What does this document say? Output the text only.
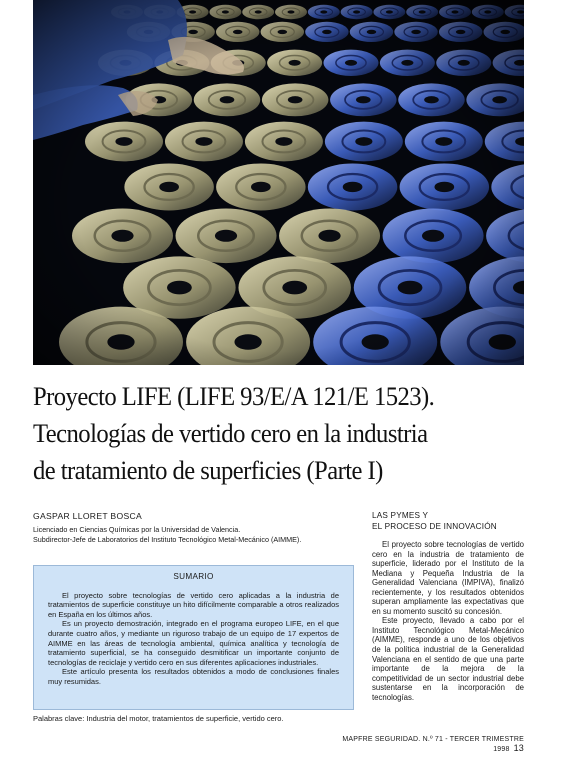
Proyecto LIFE (LIFE 93/E/A 121/E 1523).
Tecnologías de vertido cero en la industria
de tratamiento de superficies (Parte I)
GASPAR LLORET BOSCA
Licenciado en Ciencias Químicas por la Universidad de Valencia.
Subdirector-Jefe de Laboratorios del Instituto Tecnológico Metal-Mecánico (AIMME).
SUMARIO

El proyecto sobre tecnologías de vertido cero aplicadas a la industria de tratamientos de superficie constituye un hito difícilmente comparable a otros realizados en España en los últimos años.

Es un proyecto demostración, integrado en el programa europeo LIFE, en el que durante cuatro años, y mediante un riguroso trabajo de un equipo de 17 expertos de AIMME en las áreas de tecnología ambiental, química analítica y tecnología de tratamiento superficial, se ha conseguido desmitificar un importante conjunto de tecnologías de reciclaje y vertido cero en sus diferentes aplicaciones industriales.

Este artículo presenta los resultados obtenidos a modo de conclusiones finales muy resumidas.

Palabras clave: Industria del motor, tratamientos de superficie, vertido cero.
LAS PYMES Y
EL PROCESO DE INNOVACIÓN

El proyecto sobre tecnologías de vertido cero en la industria de tratamiento de superficie, liderado por el Instituto de la Mediana y Pequeña Industria de la Generalidad Valenciana (IMPIVA), finalizó recientemente, y los resultados obtenidos superan ampliamente las expectativas que en su momento suscitó su concesión.

Este proyecto, llevado a cabo por el Instituto Tecnológico Metal-Mecánico (AIMME), responde a uno de los objetivos de la política industrial de la Generalidad Valenciana en el sentido de que una parte importante de la mejora de la competitividad de un sector industrial debe sustentarse en la incorporación de tecnologías.

MAPFRE SEGURIDAD. N.º 71 - TERCER TRIMESTRE 1998 13
